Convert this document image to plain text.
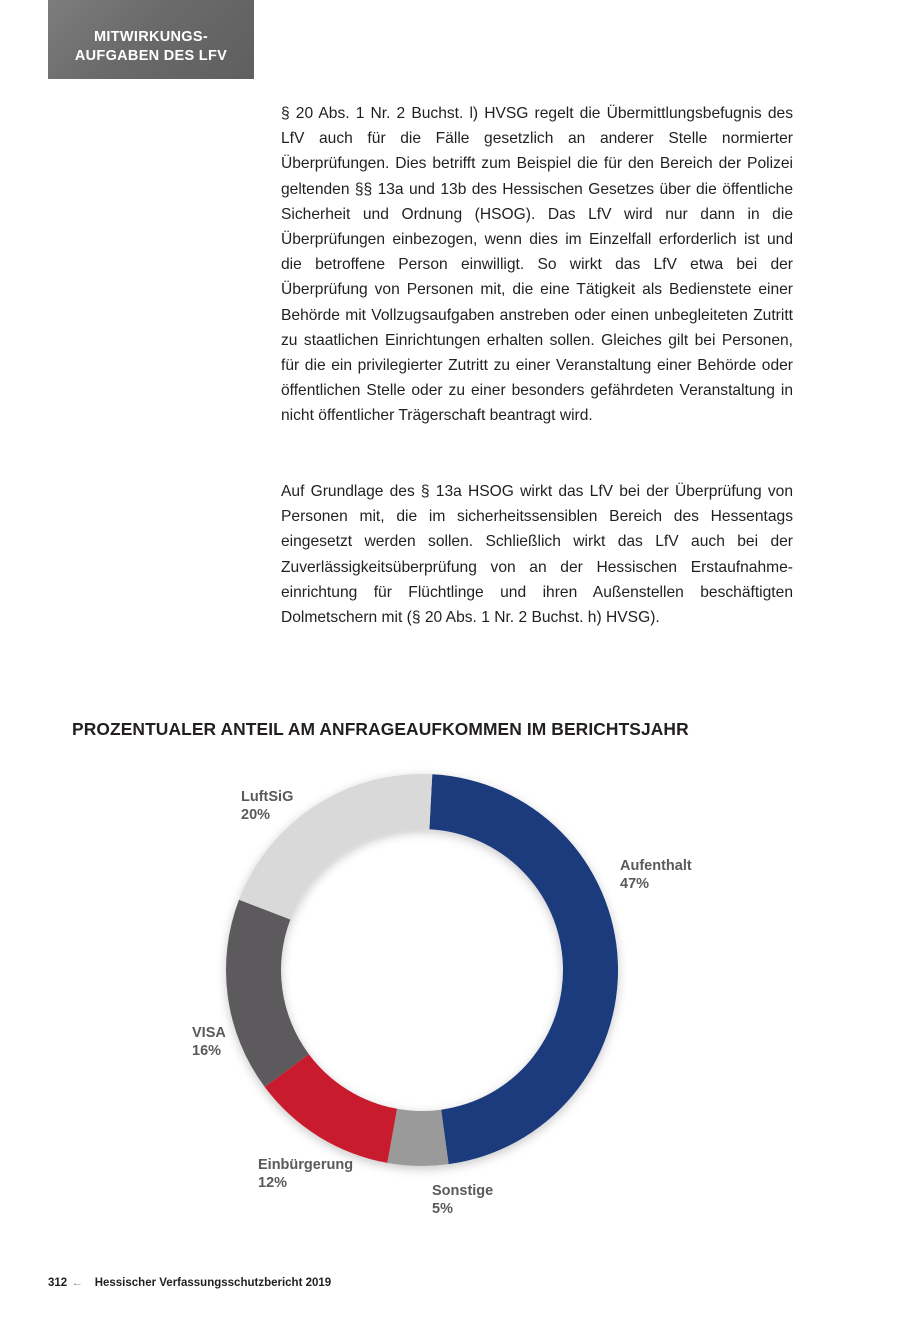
MITWIRKUNGS-
AUFGABEN DES LFV

§ 20 Abs. 1 Nr. 2 Buchst. l) HVSG regelt die Übermittlungsbefugnis des LfV auch für die Fälle gesetzlich an anderer Stelle normierter Überprüfungen. Dies betrifft zum Beispiel die für den Bereich der Polizei geltenden §§ 13a und 13b des Hessischen Gesetzes über die öffentliche Sicherheit und Ordnung (HSOG). Das LfV wird nur dann in die Überprüfungen einbezogen, wenn dies im Einzelfall erforderlich ist und die betroffene Person einwilligt. So wirkt das LfV etwa bei der Überprüfung von Personen mit, die eine Tätigkeit als Bedienstete einer Behörde mit Vollzugsaufgaben anstreben oder einen unbegleiteten Zutritt zu staatlichen Einrichtungen erhalten sollen. Gleiches gilt bei Personen, für die ein privilegierter Zutritt zu einer Veranstaltung einer Behörde oder öffentlichen Stelle oder zu einer besonders gefährdeten Veranstaltung in nicht öffentlicher Trägerschaft beantragt wird.

Auf Grundlage des § 13a HSOG wirkt das LfV bei der Überprüfung von Personen mit, die im sicherheitssensiblen Bereich des Hessentags eingesetzt werden sollen. Schließlich wirkt das LfV auch bei der Zuverlässigkeitsüberprüfung von an der Hessischen Erstaufnahmeeinrichtung für Flüchtlinge und ihren Außenstellen beschäftigten Dolmetschern mit (§ 20 Abs. 1 Nr. 2 Buchst. h) HVSG).

PROZENTUALER ANTEIL AM ANFRAGEAUFKOMMEN IM BERICHTSJAHR
Aufenthalt
47%
Sonstige
5%
Einbürgerung
12%
VISA
16%
LuftSiG
20%
312 ← Hessischer Verfassungsschutzbericht 2019
